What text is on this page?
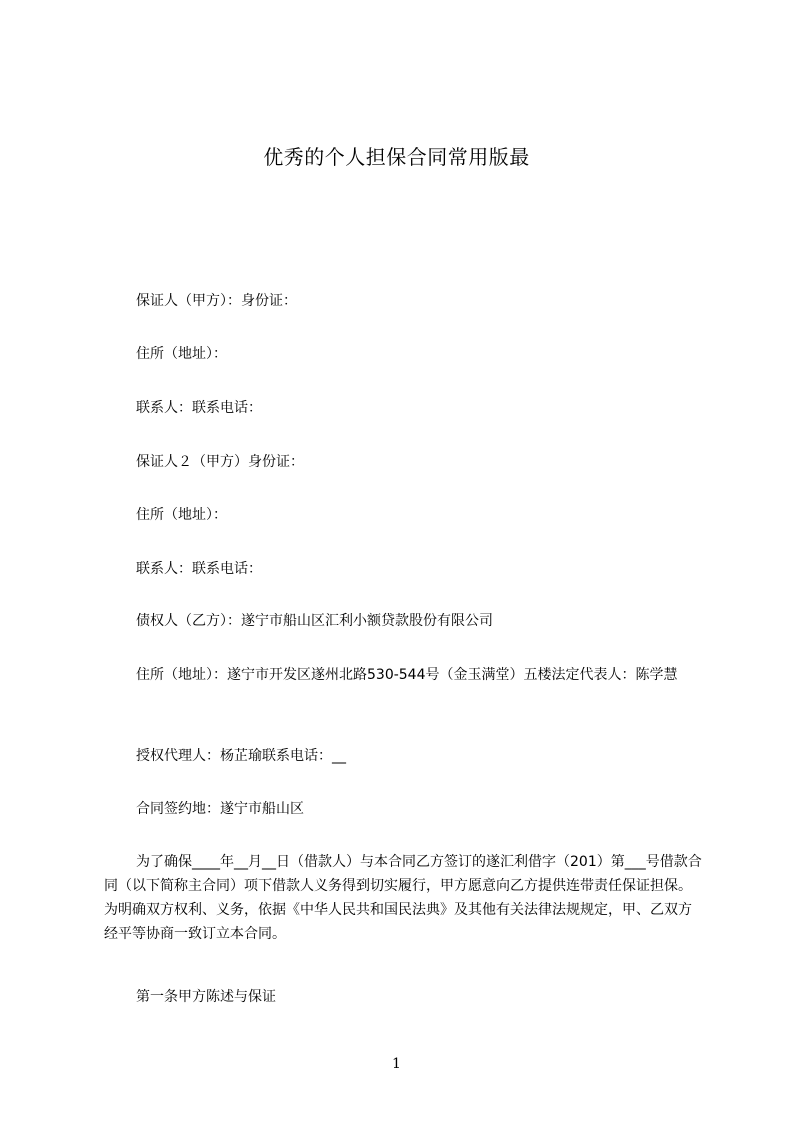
优秀的个人担保合同常用版最
保证人（甲方）：身份证：
住所（地址）：
联系人：联系电话：
保证人２（甲方）身份证：
住所（地址）：
联系人：联系电话：
债权人（乙方）：遂宁市船山区汇利小额贷款股份有限公司
住所（地址）：遂宁市开发区遂州北路530-544号（金玉满堂）五楼法定代表人：陈学慧
授权代理人：杨芷瑜联系电话：__
合同签约地：遂宁市船山区
为了确保____年__月__日（借款人）与本合同乙方签订的遂汇利借字（201）第___号借款合同（以下简称主合同）项下借款人义务得到切实履行，甲方愿意向乙方提供连带责任保证担保。为明确双方权利、义务，依据《中华人民共和国民法典》及其他有关法律法规规定，甲、乙双方经平等协商一致订立本合同。
第一条甲方陈述与保证
1
